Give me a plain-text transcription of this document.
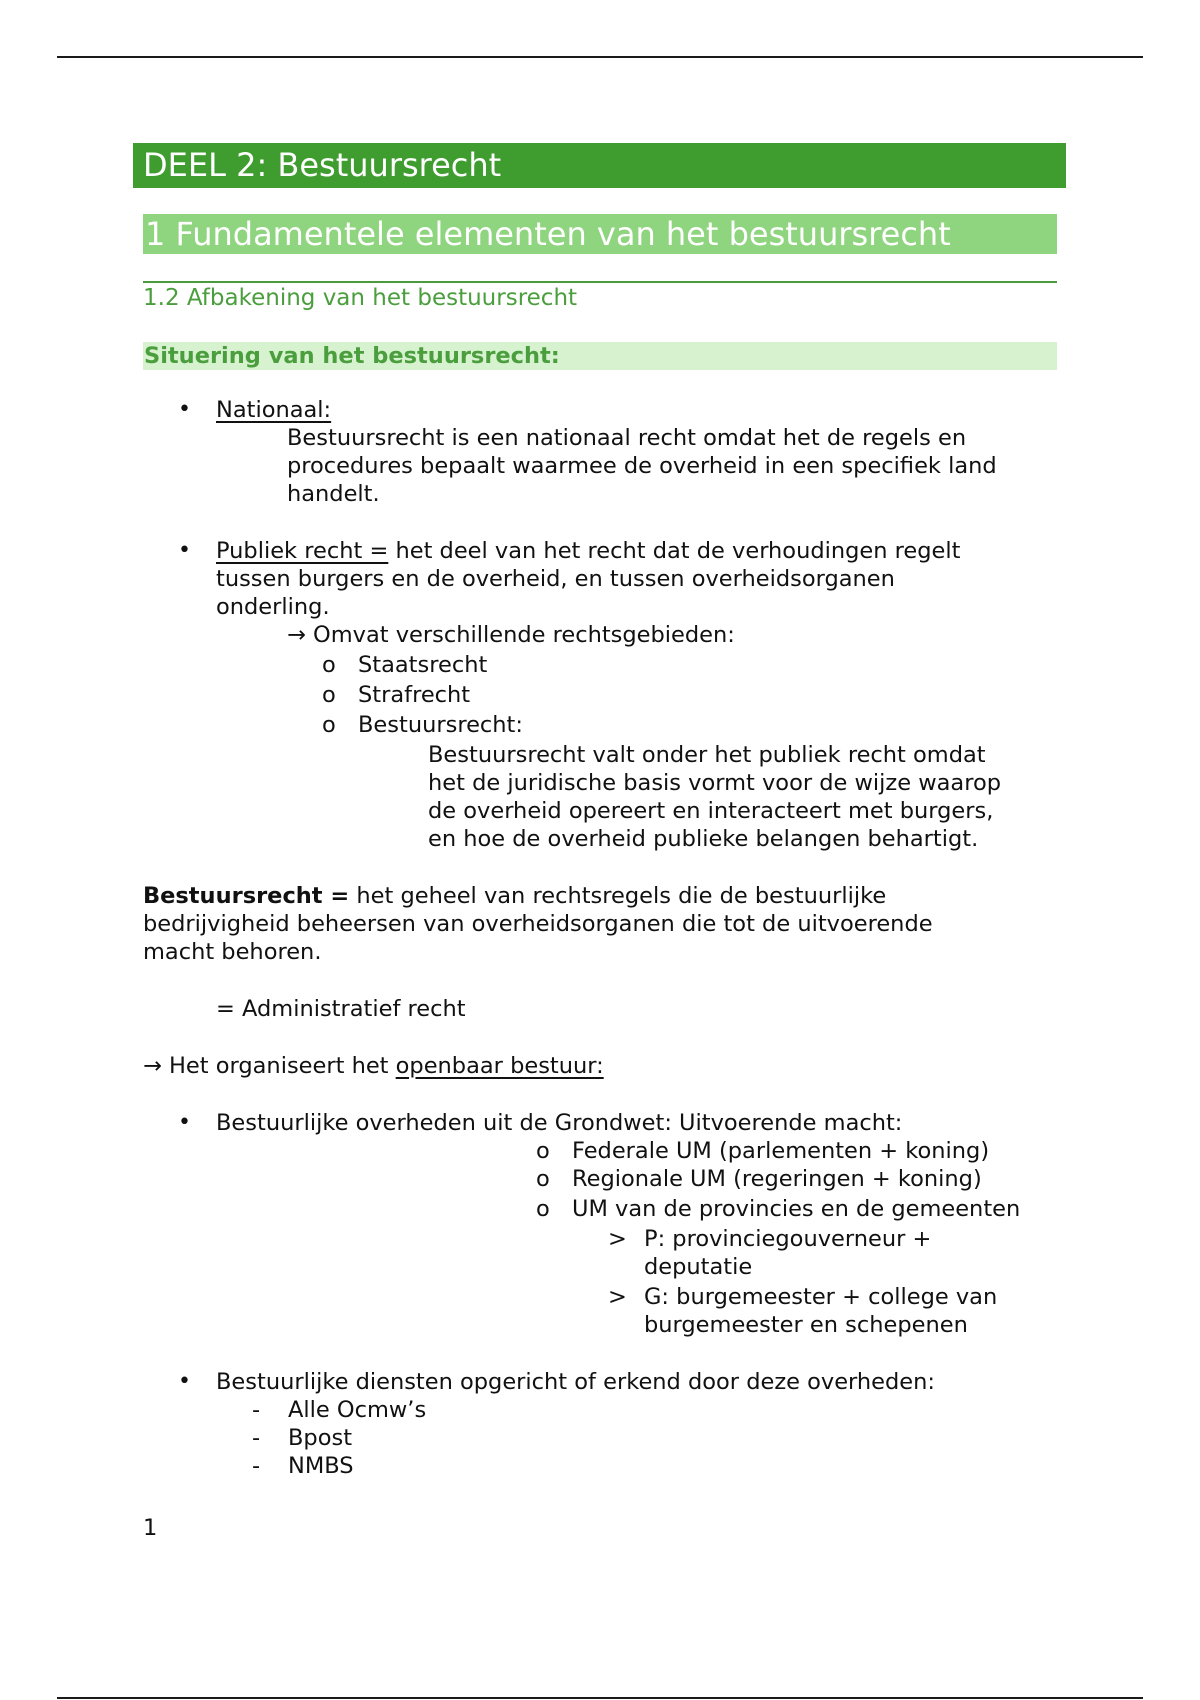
DEEL 2: Bestuursrecht
1 Fundamentele elementen van het bestuursrecht
1.2 Afbakening van het bestuursrecht
Situering van het bestuursrecht:
• Nationaal:
Bestuursrecht is een nationaal recht omdat het de regels en
procedures bepaalt waarmee de overheid in een specifiek land
handelt.
• Publiek recht = het deel van het recht dat de verhoudingen regelt
tussen burgers en de overheid, en tussen overheidsorganen
onderling.
→ Omvat verschillende rechtsgebieden:
o Staatsrecht
o Strafrecht
o Bestuursrecht:
Bestuursrecht valt onder het publiek recht omdat
het de juridische basis vormt voor de wijze waarop
de overheid opereert en interacteert met burgers,
en hoe de overheid publieke belangen behartigt.
Bestuursrecht = het geheel van rechtsregels die de bestuurlijke
bedrijvigheid beheersen van overheidsorganen die tot de uitvoerende
macht behoren.
= Administratief recht
→ Het organiseert het openbaar bestuur:
• Bestuurlijke overheden uit de Grondwet: Uitvoerende macht:
o Federale UM (parlementen + koning)
o Regionale UM (regeringen + koning)
o UM van de provincies en de gemeenten
> P: provinciegouverneur +
deputatie
> G: burgemeester + college van
burgemeester en schepenen
• Bestuurlijke diensten opgericht of erkend door deze overheden:
- Alle Ocmw’s
- Bpost
- NMBS
1
